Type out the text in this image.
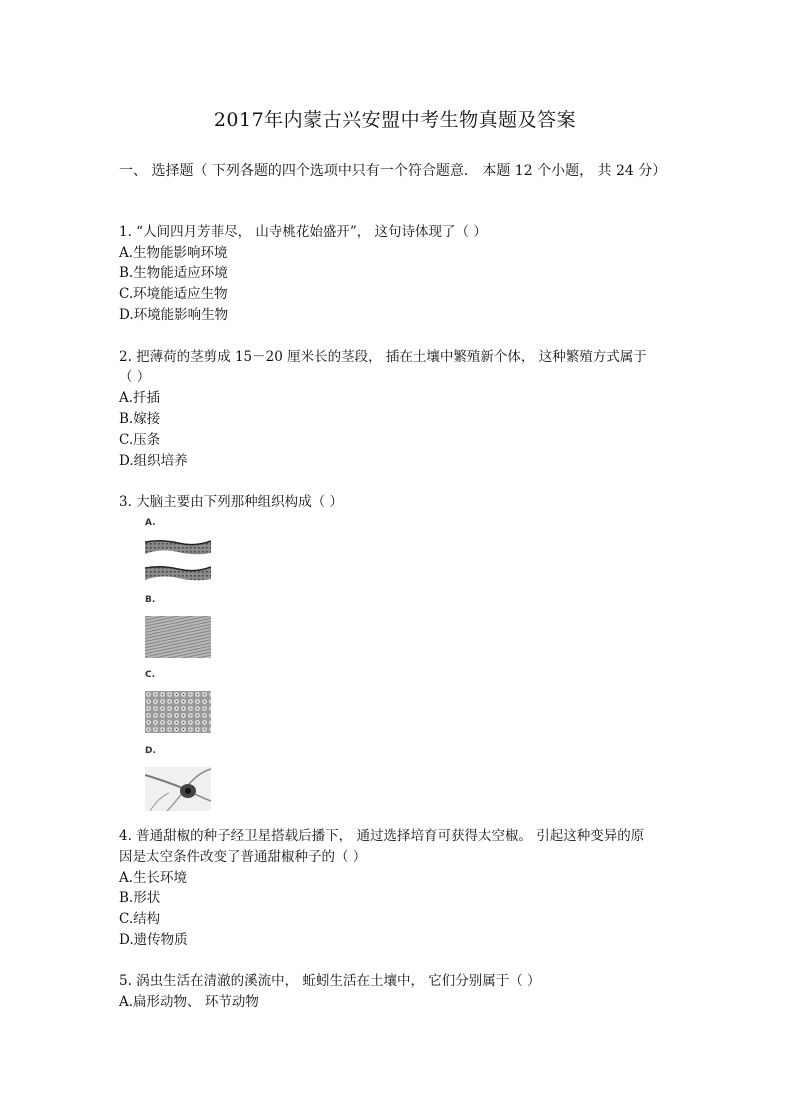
2017年内蒙古兴安盟中考生物真题及答案
一、 选择题（ 下列各题的四个选项中只有一个符合题意． 本题 12 个小题， 共 24 分）
1. “人间四月芳菲尽， 山寺桃花始盛开”， 这句诗体现了（ ）
A.生物能影响环境
B.生物能适应环境
C.环境能适应生物
D.环境能影响生物
2. 把薄荷的茎剪成 15－20 厘米长的茎段， 插在土壤中繁殖新个体， 这种繁殖方式属于
（ ）
A.扦插
B.嫁接
C.压条
D.组织培养
3. 大脑主要由下列那种组织构成（ ）
A.
B.
C.
D.
4. 普通甜椒的种子经卫星搭载后播下， 通过选择培育可获得太空椒。 引起这种变异的原
因是太空条件改变了普通甜椒种子的（ ）
A.生长环境
B.形状
C.结构
D.遗传物质
5. 涡虫生活在清澈的溪流中， 蚯蚓生活在土壤中， 它们分别属于（ ）
A.扁形动物、 环节动物
